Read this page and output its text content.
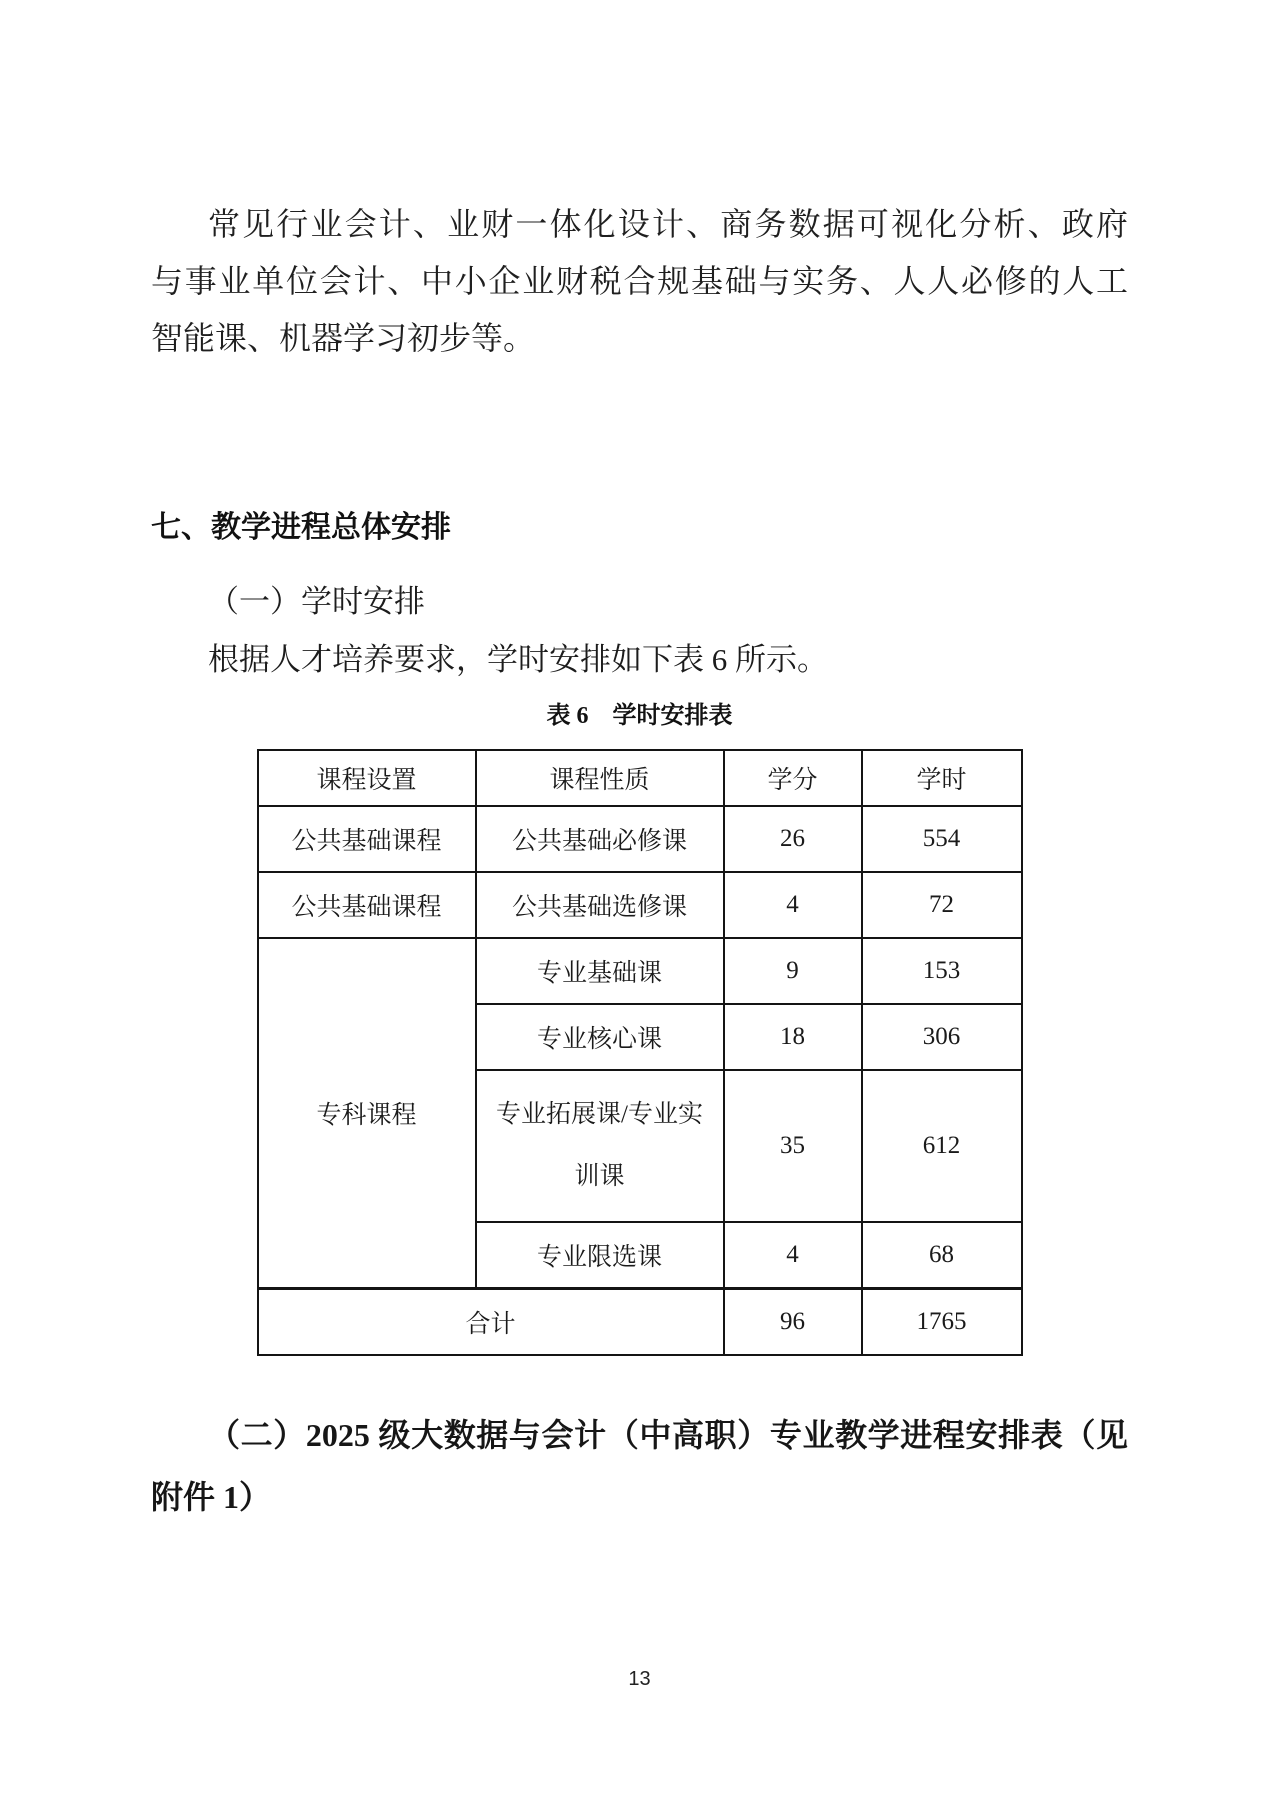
常见行业会计、业财一体化设计、商务数据可视化分析、政府
与事业单位会计、中小企业财税合规基础与实务、人人必修的人工
智能课、机器学习初步等。
七、教学进程总体安排
（一）学时安排
根据人才培养要求，学时安排如下表 6 所示。
表 6　学时安排表
课程设置	课程性质	学分	学时
公共基础课程	公共基础必修课	26	554
公共基础课程	公共基础选修课	4	72
专科课程	专业基础课	9	153
	专业核心课	18	306
	专业拓展课/专业实训课	35	612
	专业限选课	4	68
合计		96	1765
（二）2025 级大数据与会计（中高职）专业教学进程安排表（见
附件 1）
13
